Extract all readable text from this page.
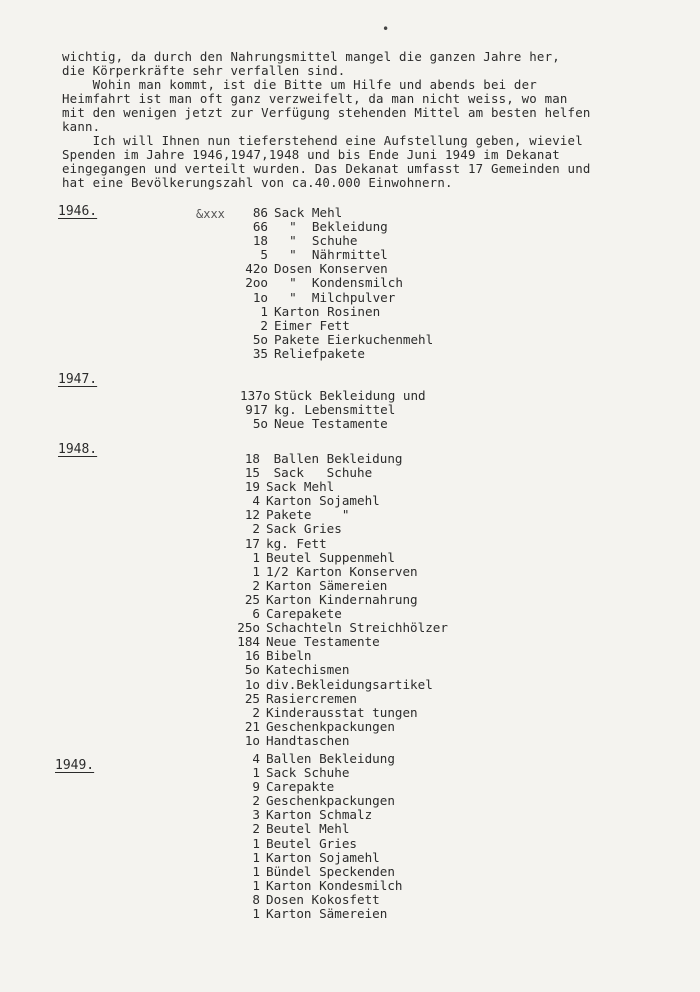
•

wichtig, da durch den Nahrungsmittel mangel die ganzen Jahre her,

die Körperkräfte sehr verfallen sind.

Wohin man kommt, ist die Bitte um Hilfe und abends bei der

Heimfahrt ist man oft ganz verzweifelt, da man nicht weiss, wo man

mit den wenigen jetzt zur Verfügung stehenden Mittel am besten helfen

kann.

Ich will Ihnen nun tieferstehend eine Aufstellung geben, wieviel

Spenden im Jahre 1946,1947,1948 und bis Ende Juni 1949 im Dekanat

eingegangen und verteilt wurden. Das Dekanat umfasst 17 Gemeinden und

hat eine Bevölkerungszahl von ca.40.000 Einwohnern.

1946.	&xxx	86 Sack Mehl
66 "  Bekleidung
18 "  Schuhe
5 "  Nährmittel
42o Dosen Konserven
2oo "  Kondensmilch
1o "  Milchpulver
1 Karton Rosinen
2 Eimer Fett
5o Pakete Eierkuchenmehl
35 Reliefpakete
1947.
137o Stück Bekleidung und
917 kg. Lebensmittel
5o Neue Testamente
1948.
18 Ballen Bekleidung
15 Sack   Schuhe
19 Sack Mehl
4 Karton Sojamehl
12 Pakete    "
2 Sack Gries
17 kg. Fett
1 Beutel Suppenmehl
1 1/2 Karton Konserven
2 Karton Sämereien
25 Karton Kindernahrung
6 Carepakete
25o Schachteln Streichhölzer
184 Neue Testamente
16 Bibeln
5o Katechismen
1o div.Bekleidungsartikel
25 Rasiercremen
2 Kinderausstat tungen
21 Geschenkpackungen
1o Handtaschen
1949.	4 Ballen Bekleidung
1 Sack Schuhe
9 Carepakte
2 Geschenkpackungen
3 Karton Schmalz
2 Beutel Mehl
1 Beutel Gries
1 Karton Sojamehl
1 Bündel Speckenden
1 Karton Kondesmilch
8 Dosen Kokosfett
1 Karton Sämereien
